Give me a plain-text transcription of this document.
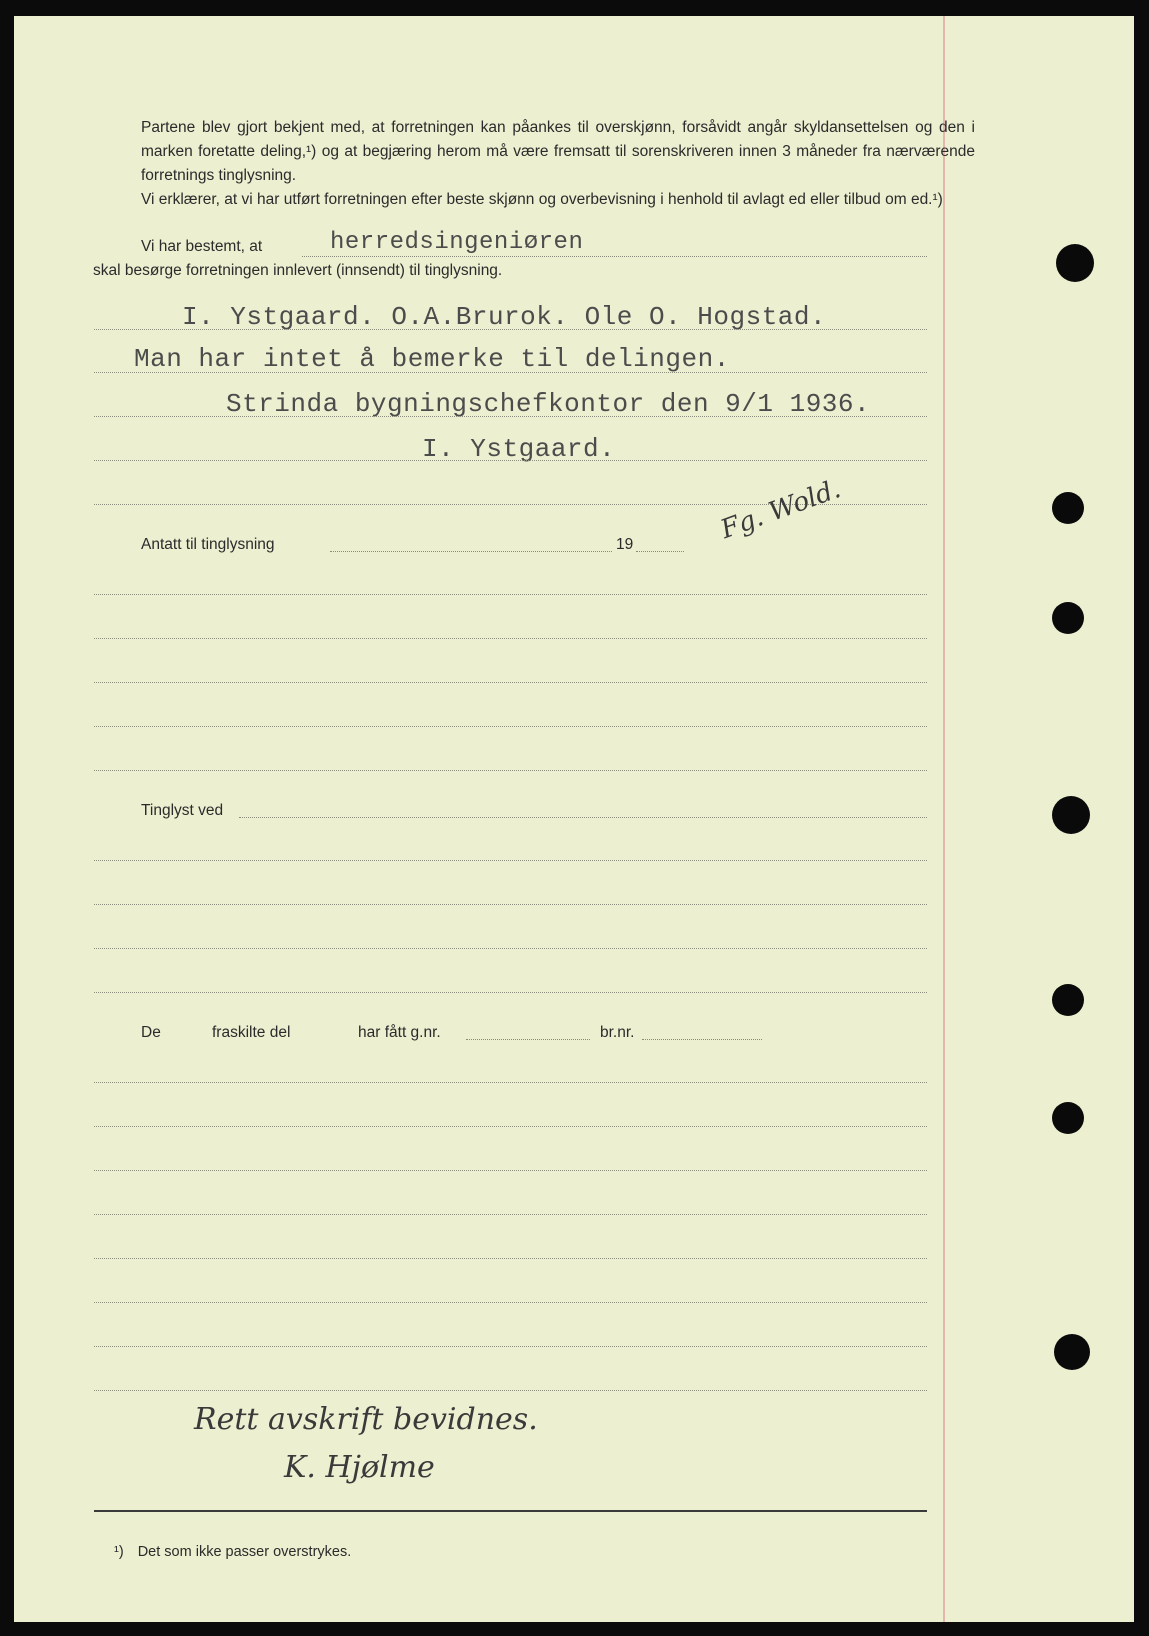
Partene blev gjort bekjent med, at forretningen kan påankes til overskjønn, forsåvidt angår skyldansettelsen og den i marken foretatte deling,¹) og at begjæring herom må være fremsatt til sorenskriveren innen 3 måneder fra nærværende forretnings tinglysning.
Vi erklærer, at vi har utført forretningen efter beste skjønn og overbevisning i henhold til avlagt ed eller tilbud om ed.¹)
Vi har bestemt, at	herredsingeniøren
skal besørge forretningen innlevert (innsendt) til tinglysning.
I. Ystgaard. O.A.Brurok. Ole O. Hogstad.
Man har intet å bemerke til delingen.
Strinda bygningschefkontor den 9/1 1936.
I. Ystgaard.
Antatt til tinglysning	19	Fg. Wold.
Tinglyst ved
De	fraskilte del	har fått g.nr.	br.nr.
Rett avskrift bevidnes.
K. Hjølme
¹) Det som ikke passer overstrykes.
